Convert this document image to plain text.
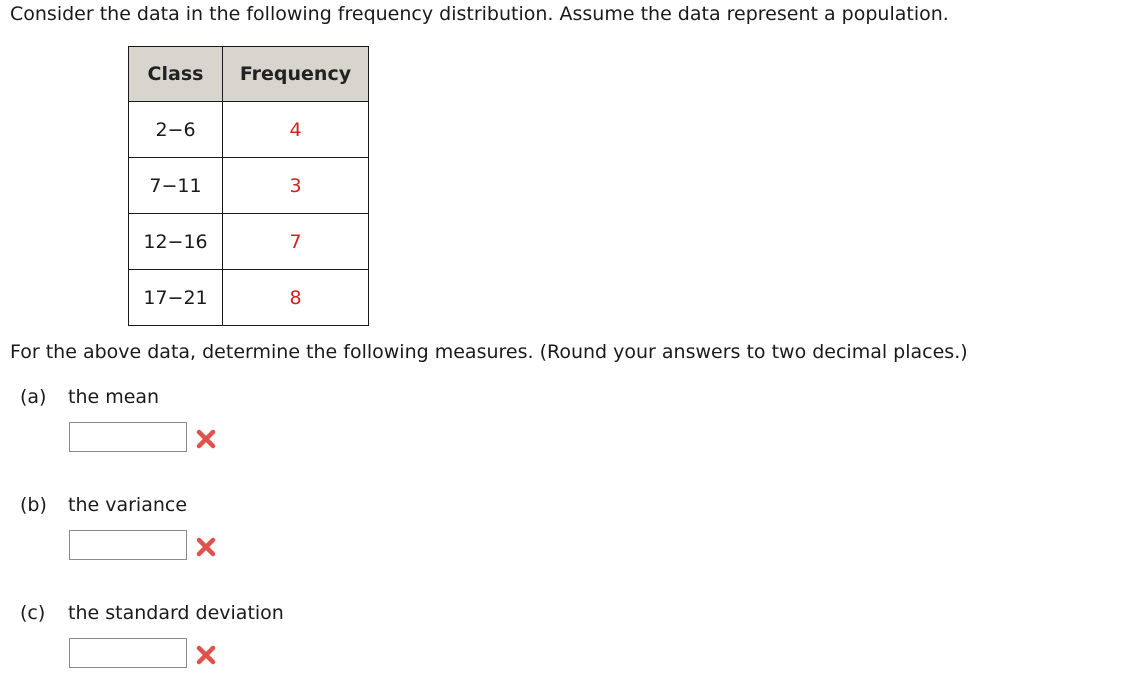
Consider the data in the following frequency distribution. Assume the data represent a population.

Class	Frequency
2−6	4
7−11	3
12−16	7
17−21	8

For the above data, determine the following measures. (Round your answers to two decimal places.)

(a) the mean
(b) the variance
(c) the standard deviation
